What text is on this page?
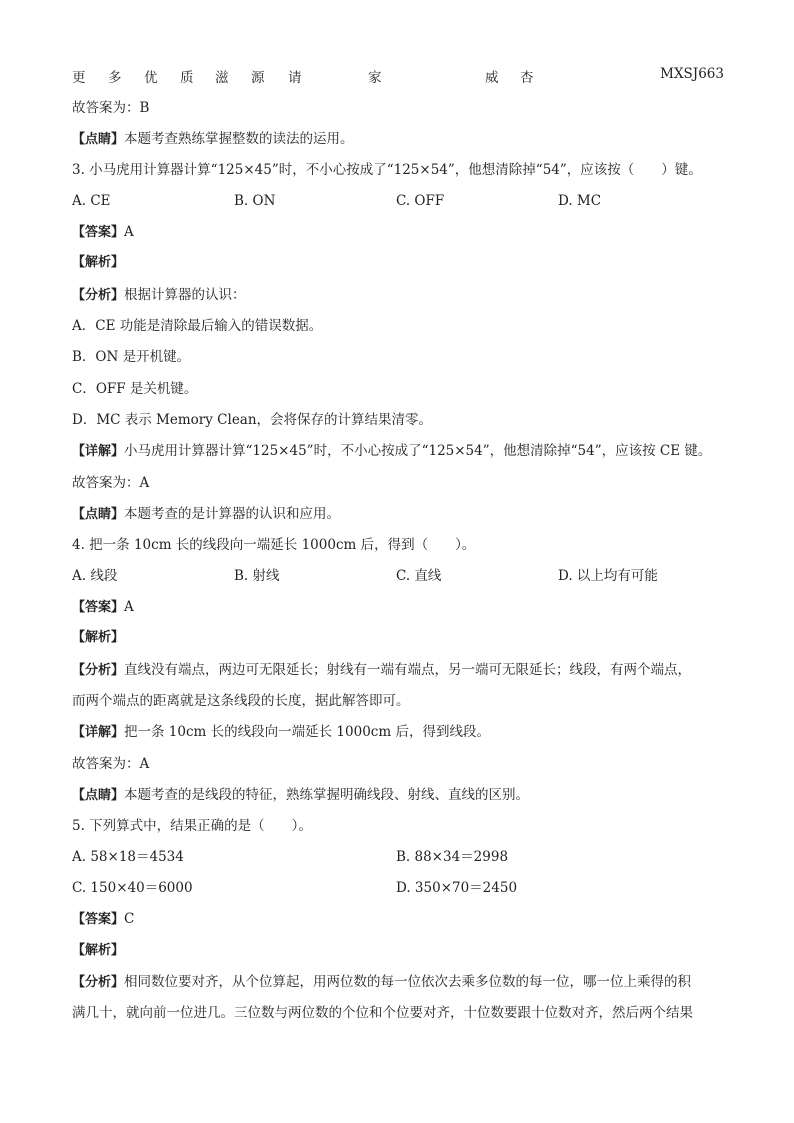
更 多 优 质 滋 源 请	家	威 杏	MXSJ663
故答案为：B
【点睛】本题考查熟练掌握整数的读法的运用。
3. 小马虎用计算器计算“125×45”时，不小心按成了“125×54”，他想清除掉“54”，应该按（　　）键。
A. CE	B. ON	C. OFF	D. MC
【答案】A
【解析】
【分析】根据计算器的认识：
A．CE 功能是清除最后输入的错误数据。
B．ON 是开机键。
C．OFF 是关机键。
D．MC 表示 Memory Clean，会将保存的计算结果清零。
【详解】小马虎用计算器计算“125×45”时，不小心按成了“125×54”，他想清除掉“54”，应该按 CE 键。
故答案为：A
【点睛】本题考查的是计算器的认识和应用。
4. 把一条 10cm 长的线段向一端延长 1000cm 后，得到（　　）。
A. 线段	B. 射线	C. 直线	D. 以上均有可能
【答案】A
【解析】
【分析】直线没有端点，两边可无限延长；射线有一端有端点，另一端可无限延长；线段，有两个端点，
而两个端点的距离就是这条线段的长度，据此解答即可。
【详解】把一条 10cm 长的线段向一端延长 1000cm 后，得到线段。
故答案为：A
【点睛】本题考查的是线段的特征，熟练掌握明确线段、射线、直线的区别。
5. 下列算式中，结果正确的是（　　）。
A. 58×18＝4534	B. 88×34＝2998
C. 150×40＝6000	D. 350×70＝2450
【答案】C
【解析】
【分析】相同数位要对齐，从个位算起，用两位数的每一位依次去乘多位数的每一位，哪一位上乘得的积
满几十，就向前一位进几。三位数与两位数的个位和个位要对齐，十位数要跟十位数对齐，然后两个结果
